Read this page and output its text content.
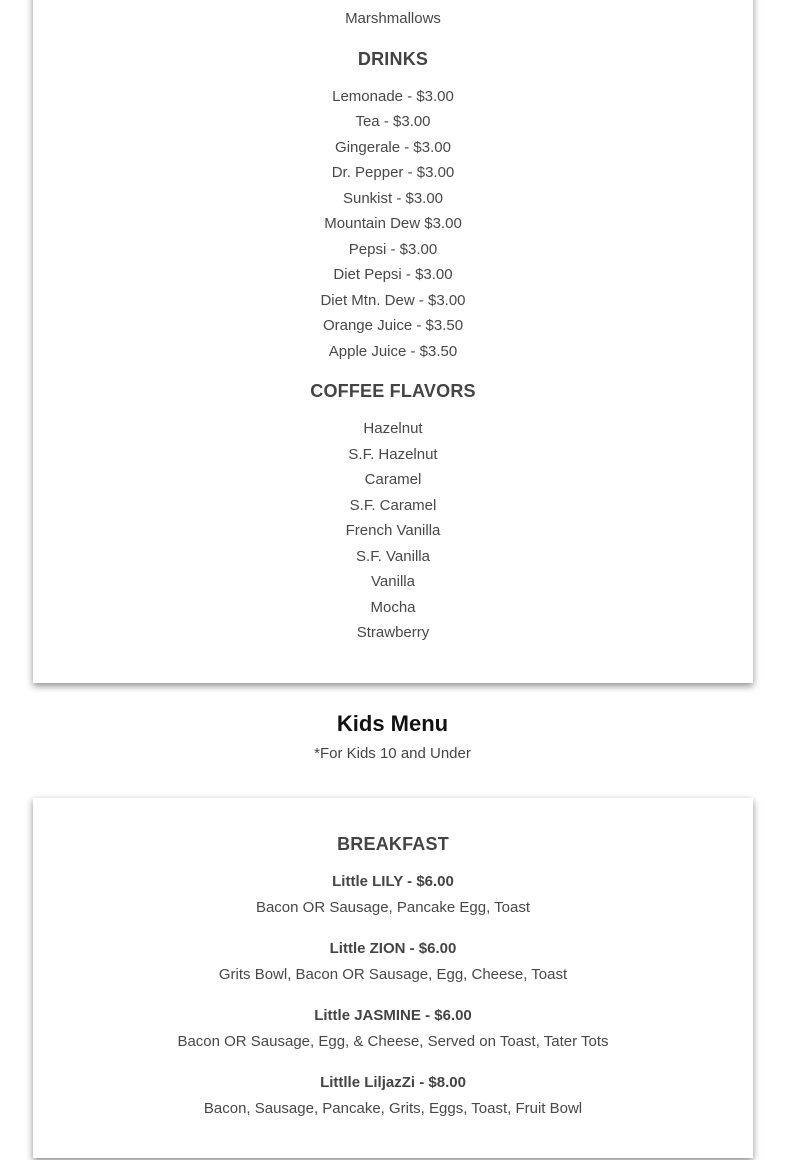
Marshmallows
DRINKS
Lemonade - $3.00
Tea - $3.00
Gingerale - $3.00
Dr. Pepper - $3.00
Sunkist - $3.00
Mountain Dew $3.00
Pepsi - $3.00
Diet Pepsi - $3.00
Diet Mtn. Dew - $3.00
Orange Juice - $3.50
Apple Juice - $3.50
COFFEE FLAVORS
Hazelnut
S.F. Hazelnut
Caramel
S.F. Caramel
French Vanilla
S.F. Vanilla
Vanilla
Mocha
Strawberry
Kids Menu
*For Kids 10 and Under
BREAKFAST
Little LILY - $6.00
Bacon OR Sausage, Pancake Egg, Toast
Little ZION - $6.00
Grits Bowl, Bacon OR Sausage, Egg, Cheese, Toast
Little JASMINE - $6.00
Bacon OR Sausage, Egg, & Cheese, Served on Toast, Tater Tots
Littlle LiljazZi - $8.00
Bacon, Sausage, Pancake, Grits, Eggs, Toast, Fruit Bowl
